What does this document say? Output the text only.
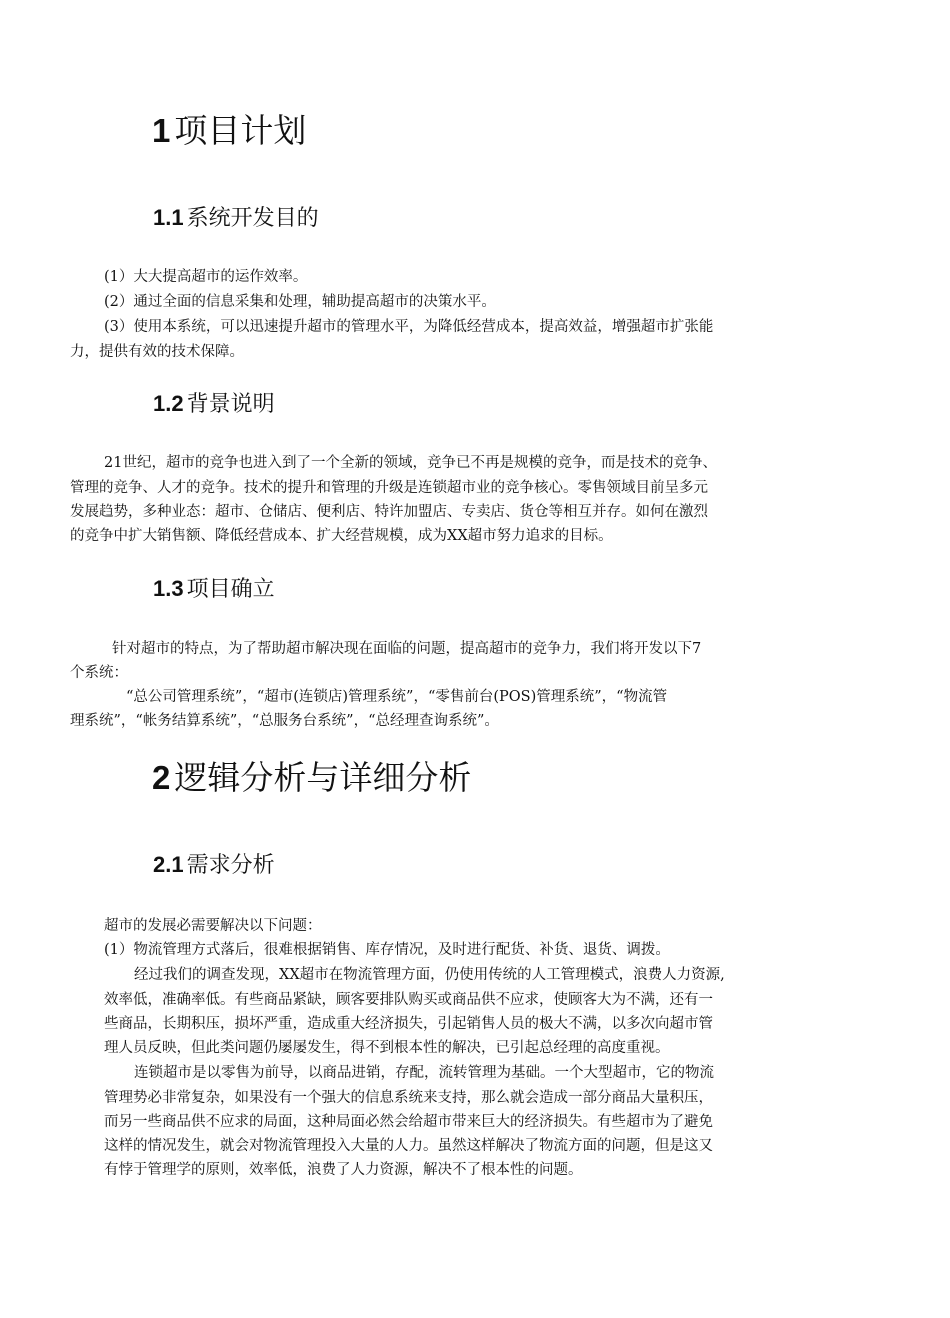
1 项目计划
1.1 系统开发目的
(1）大大提高超市的运作效率。
(2）通过全面的信息采集和处理，辅助提高超市的决策水平。
(3）使用本系统，可以迅速提升超市的管理水平，为降低经营成本，提高效益，增强超市扩张能
力，提供有效的技术保障。
1.2 背景说明
21世纪，超市的竞争也进入到了一个全新的领域，竞争已不再是规模的竞争，而是技术的竞争、
管理的竞争、人才的竞争。技术的提升和管理的升级是连锁超市业的竞争核心。零售领域目前呈多元
发展趋势，多种业态：超市、仓储店、便利店、特许加盟店、专卖店、货仓等相互并存。如何在激烈
的竞争中扩大销售额、降低经营成本、扩大经营规模，成为XX超市努力追求的目标。
1.3 项目确立
针对超市的特点，为了帮助超市解决现在面临的问题，提高超市的竞争力，我们将开发以下7
个系统：
“总公司管理系统”，“超市(连锁店)管理系统”，“零售前台(POS)管理系统”，“物流管
理系统”，“帐务结算系统”，“总服务台系统”，“总经理查询系统”。
2 逻辑分析与详细分析
2.1 需求分析
超市的发展必需要解决以下问题：
(1）物流管理方式落后，很难根据销售、库存情况，及时进行配货、补货、退货、调拨。
经过我们的调查发现，XX超市在物流管理方面，仍使用传统的人工管理模式，浪费人力资源,
效率低，准确率低。有些商品紧缺，顾客要排队购买或商品供不应求，使顾客大为不满，还有一
些商品，长期积压，损坏严重，造成重大经济损失，引起销售人员的极大不满，以多次向超市管
理人员反映，但此类问题仍屡屡发生，得不到根本性的解决，已引起总经理的高度重视。
连锁超市是以零售为前导，以商品进销，存配，流转管理为基础。一个大型超市，它的物流
管理势必非常复杂，如果没有一个强大的信息系统来支持，那么就会造成一部分商品大量积压，
而另一些商品供不应求的局面，这种局面必然会给超市带来巨大的经济损失。有些超市为了避免
这样的情况发生，就会对物流管理投入大量的人力。虽然这样解决了物流方面的问题，但是这又
有悖于管理学的原则，效率低，浪费了人力资源，解决不了根本性的问题。
